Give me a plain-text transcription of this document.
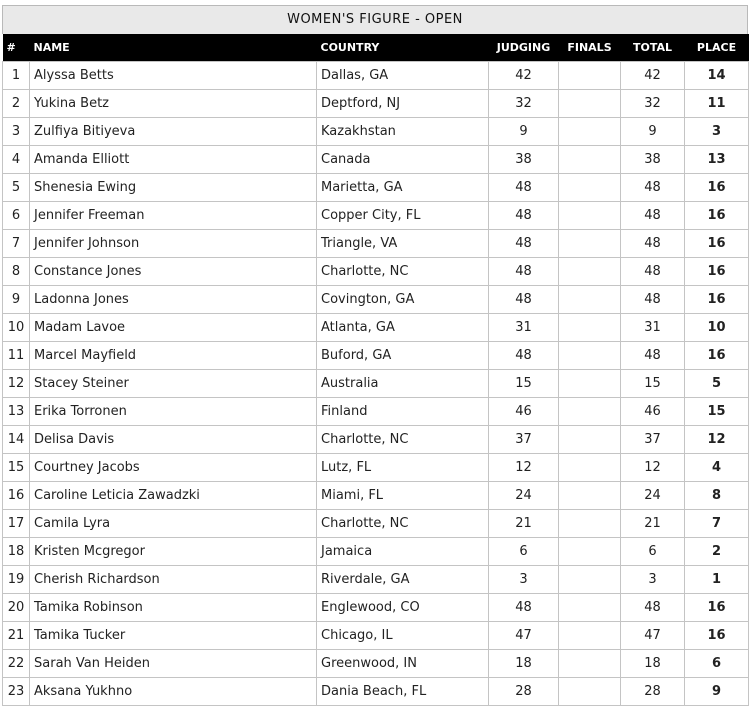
WOMEN'S FIGURE - OPEN
#	NAME	COUNTRY	JUDGING	FINALS	TOTAL	PLACE
1	Alyssa Betts	Dallas, GA	42		42	14
2	Yukina Betz	Deptford, NJ	32		32	11
3	Zulfiya Bitiyeva	Kazakhstan	9		9	3
4	Amanda Elliott	Canada	38		38	13
5	Shenesia Ewing	Marietta, GA	48		48	16
6	Jennifer Freeman	Copper City, FL	48		48	16
7	Jennifer Johnson	Triangle, VA	48		48	16
8	Constance Jones	Charlotte, NC	48		48	16
9	Ladonna Jones	Covington, GA	48		48	16
10	Madam Lavoe	Atlanta, GA	31		31	10
11	Marcel Mayfield	Buford, GA	48		48	16
12	Stacey Steiner	Australia	15		15	5
13	Erika Torronen	Finland	46		46	15
14	Delisa Davis	Charlotte, NC	37		37	12
15	Courtney Jacobs	Lutz, FL	12		12	4
16	Caroline Leticia Zawadzki	Miami, FL	24		24	8
17	Camila Lyra	Charlotte, NC	21		21	7
18	Kristen Mcgregor	Jamaica	6		6	2
19	Cherish Richardson	Riverdale, GA	3		3	1
20	Tamika Robinson	Englewood, CO	48		48	16
21	Tamika Tucker	Chicago, IL	47		47	16
22	Sarah Van Heiden	Greenwood, IN	18		18	6
23	Aksana Yukhno	Dania Beach, FL	28		28	9
